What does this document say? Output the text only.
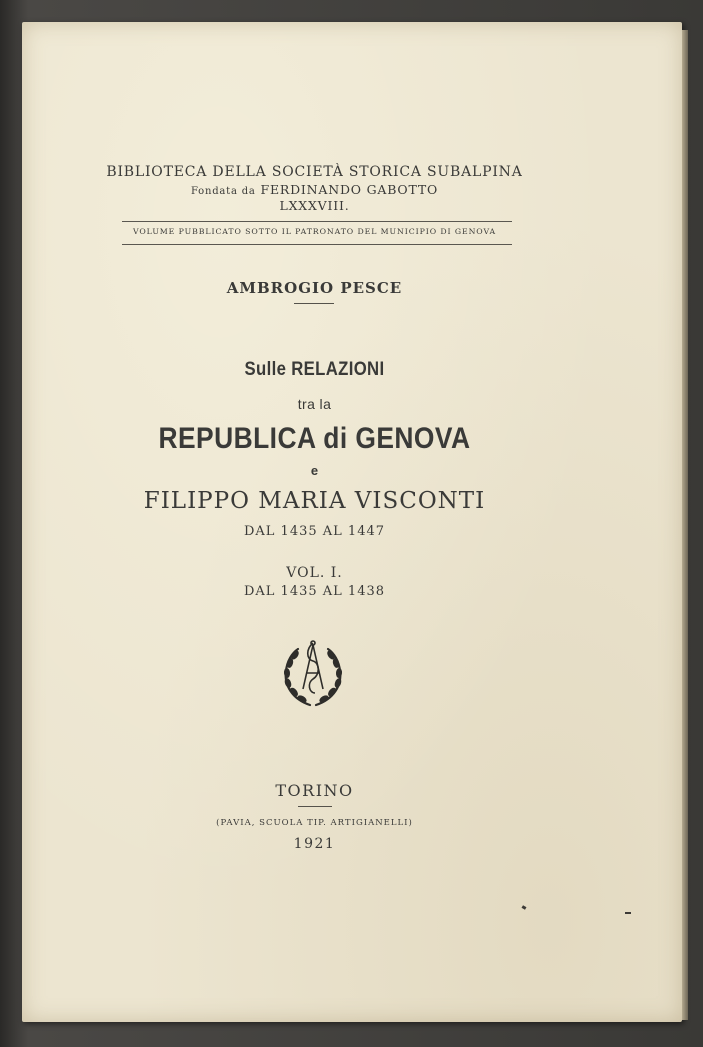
BIBLIOTECA DELLA SOCIETÀ STORICA SUBALPINA
Fondata da FERDINANDO GABOTTO
LXXXVIII.
VOLUME PUBBLICATO SOTTO IL PATRONATO DEL MUNICIPIO DI GENOVA
AMBROGIO PESCE
Sulle RELAZIONI
tra la
REPUBLICA di GENOVA
e
FILIPPO MARIA VISCONTI
DAL 1435 AL 1447
VOL. I.
DAL 1435 AL 1438
TORINO
(PAVIA, SCUOLA TIP. ARTIGIANELLI)
1921
